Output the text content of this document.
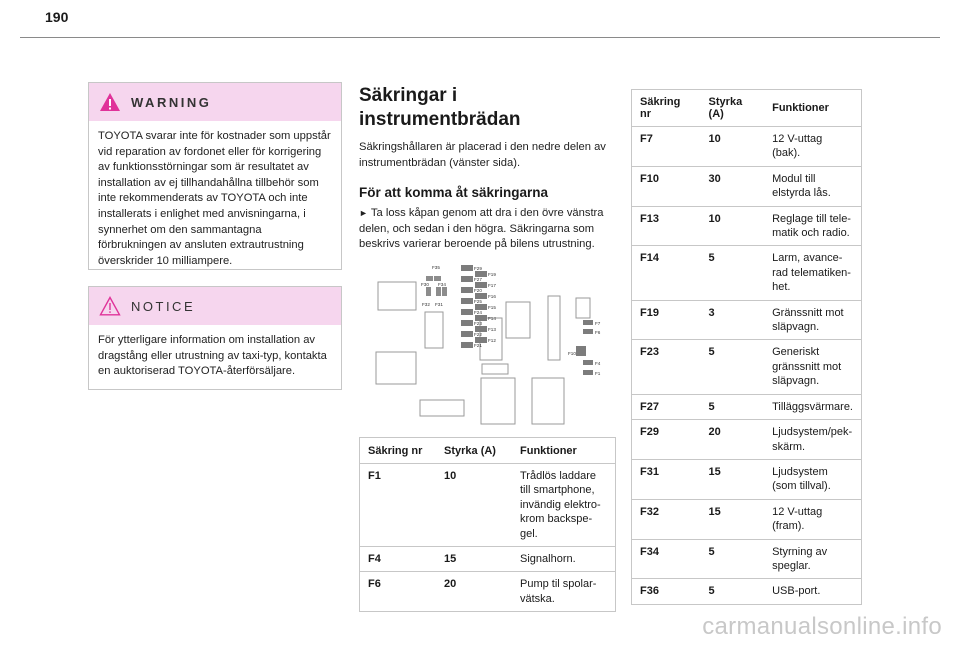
190
WARNING
TOYOTA svarar inte för kostnader som uppstår vid reparation av fordonet eller för korrigering av funktionsstörningar som är resultatet av installation av ej tillhandahållna tillbehör som inte rekommenderats av TOYOTA och inte installerats i enlighet med anvisningarna, i synnerhet om den sammantagna förbrukningen av ansluten extrautrustning överskrider 10 milliampere.
NOTICE
För ytterligare information om installation av dragstång eller utrustning av taxi-typ, kontakta en auktoriserad TOYOTA-återförsäljare.
Säkringar i instrumentbrädan
Säkringshållaren är placerad i den nedre delen av instrumentbrädan (vänster sida).
För att komma åt säkringarna
► Ta loss kåpan genom att dra i den övre vänstra delen, och sedan i den högra. Säkringarna som beskrivs varierar beroende på bilens utrustning.
F35
F30 F34
F32 F31
F29
F19
F27
F17
F20
F16
F25
F15
F24
F14
F23
F13
F22
F12
F21
F7
F6
F10
F4
F1
Säkring nr	Styrka (A)	Funktioner
F1	10	Trådlös laddare till smartphone, invändig elektro-krom backspe-gel.
F4	15	Signalhorn.
F6	20	Pump til spolar-vätska.
Säkring nr	Styrka (A)	Funktioner
F7	10	12 V-uttag (bak).
F10	30	Modul till elstyrda lås.
F13	10	Reglage till tele-matik och radio.
F14	5	Larm, avance-rad telematiken-het.
F19	3	Gränssnitt mot släpvagn.
F23	5	Generiskt gränssnitt mot släpvagn.
F27	5	Tilläggsvärmare.
F29	20	Ljudsystem/pek-skärm.
F31	15	Ljudsystem (som tillval).
F32	15	12 V-uttag (fram).
F34	5	Styrning av speglar.
F36	5	USB-port.
carmanualsonline.info
